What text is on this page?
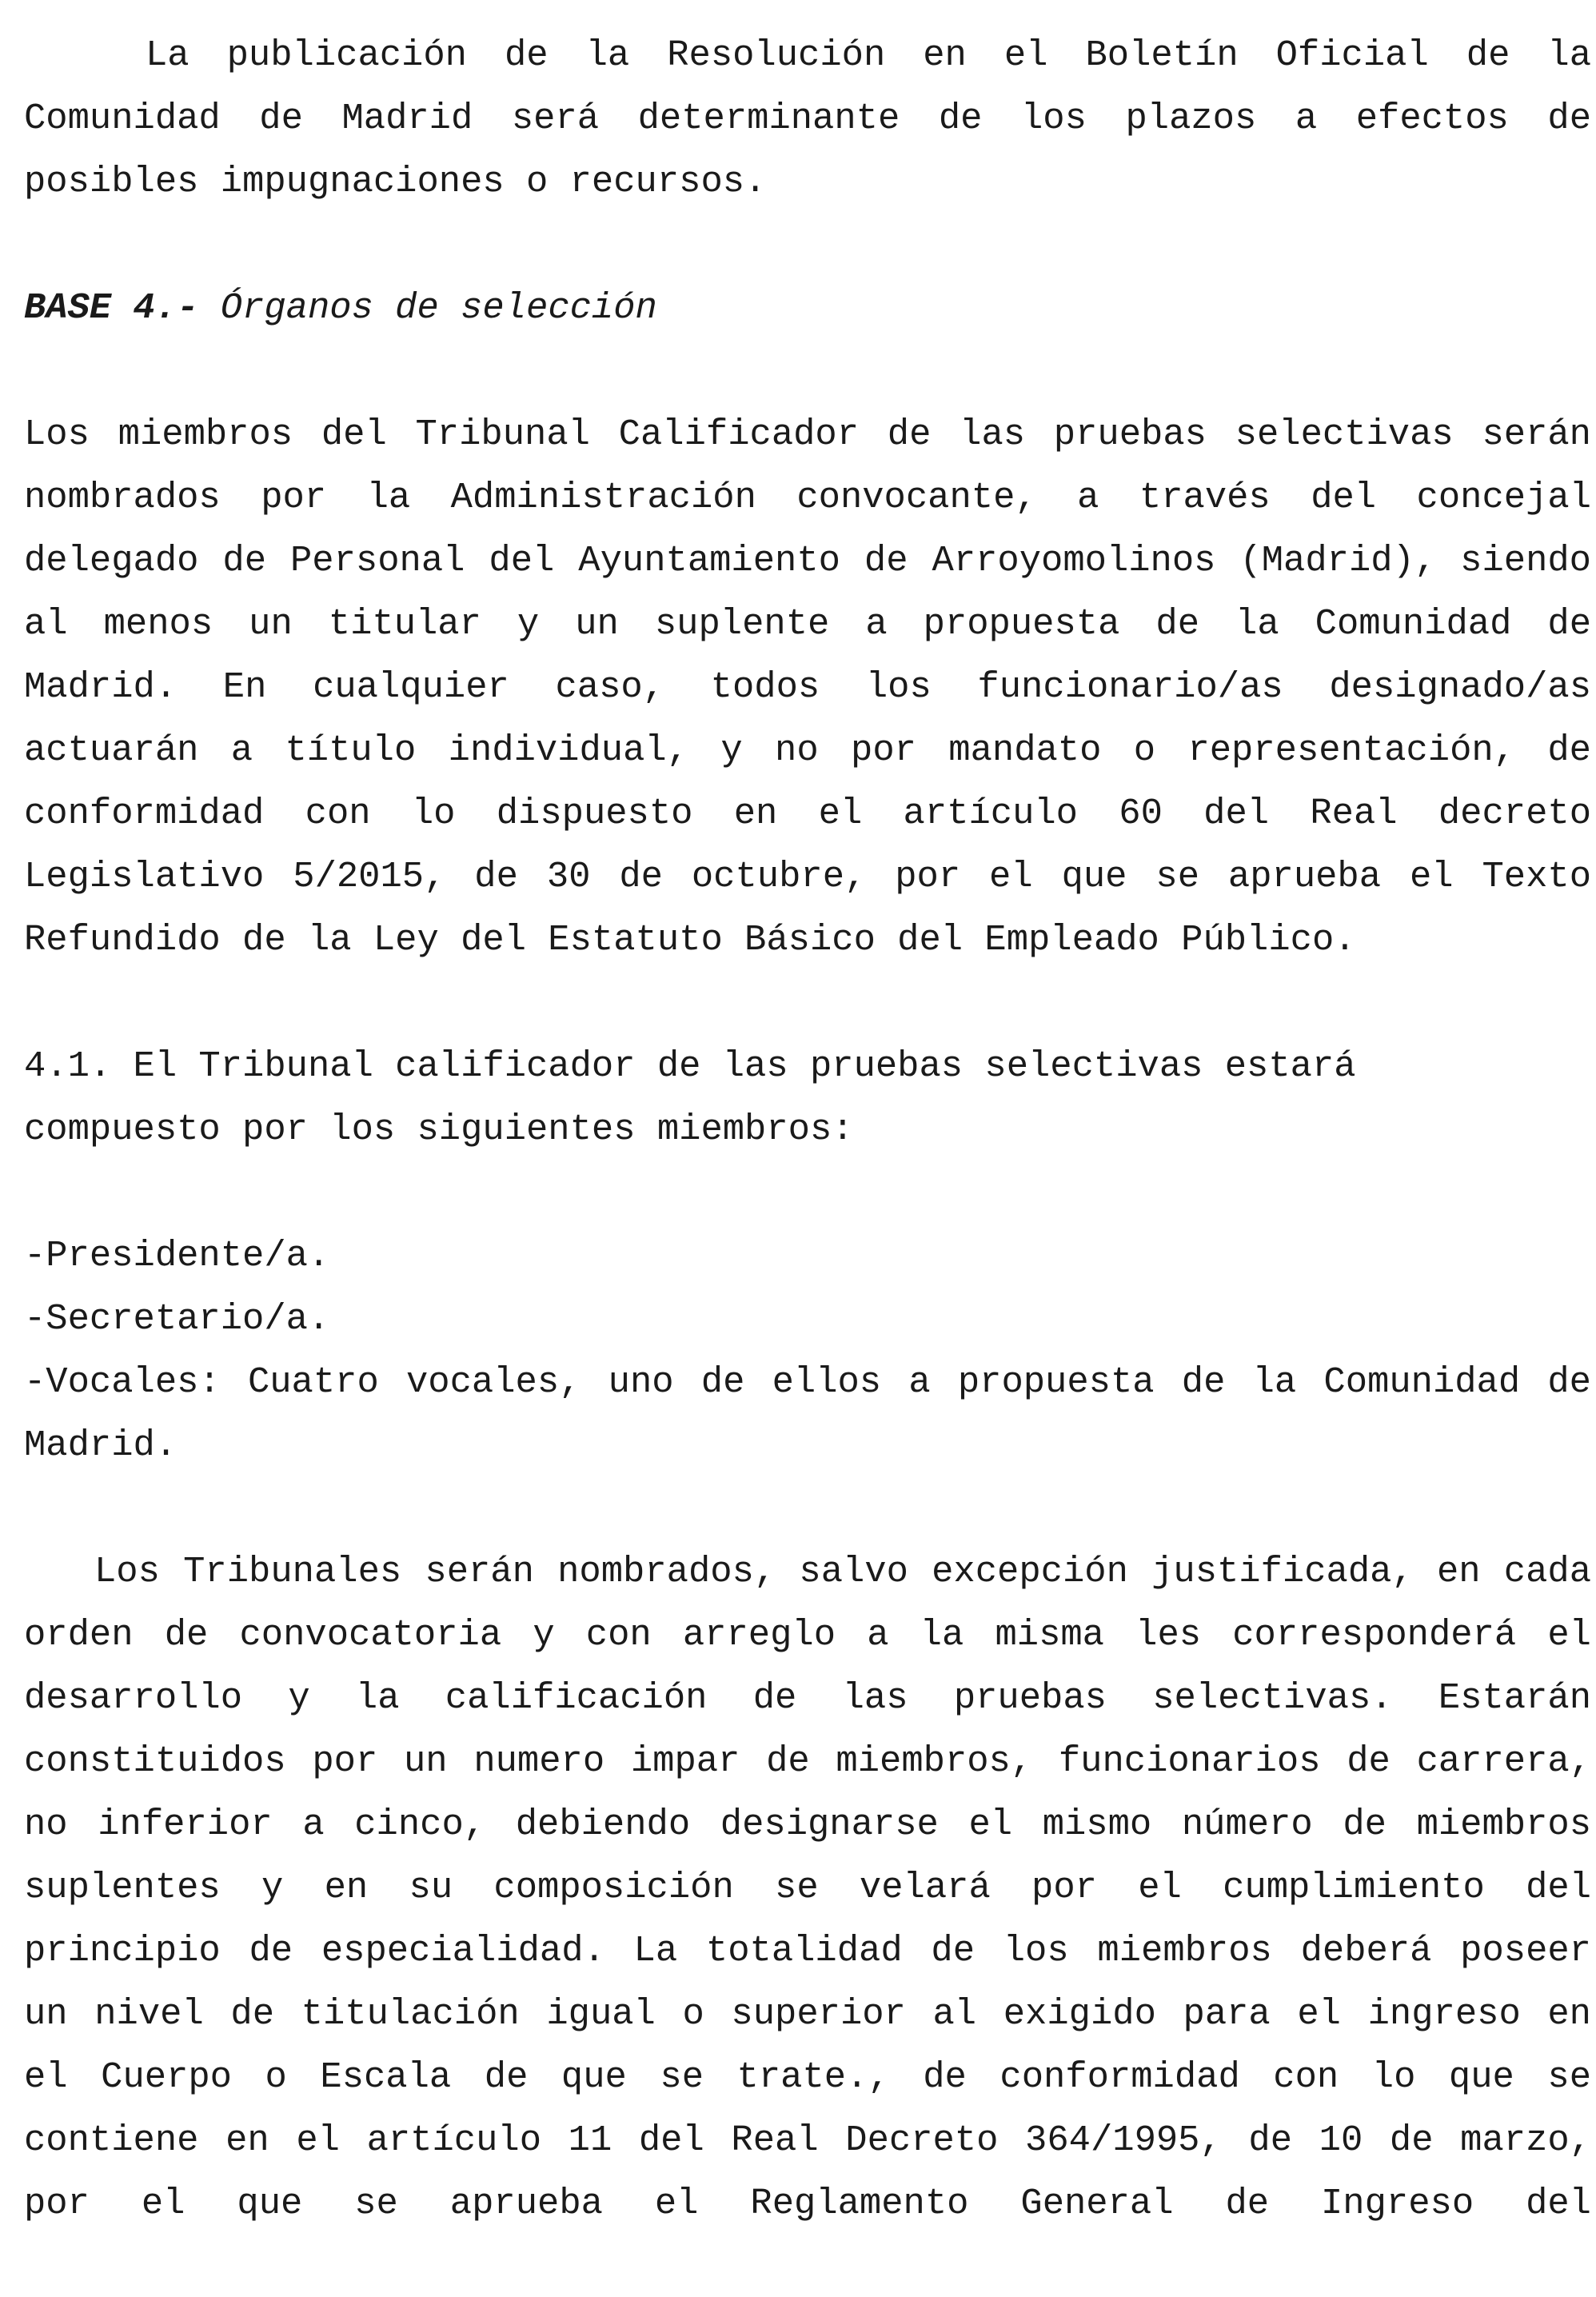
La publicación de la Resolución en el Boletín Oficial de la Comunidad de Madrid será determinante de los plazos a efectos de posibles impugnaciones o recursos.

BASE 4.- Órganos de selección

Los miembros del Tribunal Calificador de las pruebas selectivas serán nombrados por la Administración convocante, a través del concejal delegado de Personal del Ayuntamiento de Arroyomolinos (Madrid), siendo al menos un titular y un suplente a propuesta de la Comunidad de Madrid. En cualquier caso, todos los funcionario/as designado/as actuarán a título individual, y no por mandato o representación, de conformidad con lo dispuesto en el artículo 60 del Real decreto Legislativo 5/2015, de 30 de octubre, por el que se aprueba el Texto Refundido de la Ley del Estatuto Básico del Empleado Público.

4.1. El Tribunal calificador de las pruebas selectivas estará

compuesto por los siguientes miembros:

-Presidente/a.

-Secretario/a.

-Vocales: Cuatro vocales, uno de ellos a propuesta de la Comunidad de Madrid.

Los Tribunales serán nombrados, salvo excepción justificada, en cada orden de convocatoria y con arreglo a la misma les corresponderá el desarrollo y la calificación de las pruebas selectivas. Estarán constituidos por un numero impar de miembros, funcionarios de carrera, no inferior a cinco, debiendo designarse el mismo número de miembros suplentes y en su composición se velará por el cumplimiento del principio de especialidad. La totalidad de los miembros deberá poseer un nivel de titulación igual o superior al exigido para el ingreso en el Cuerpo o Escala de que se trate., de conformidad con lo que se contiene en el artículo 11 del Real Decreto 364/1995, de 10 de marzo, por el que se aprueba el Reglamento General de Ingreso del
